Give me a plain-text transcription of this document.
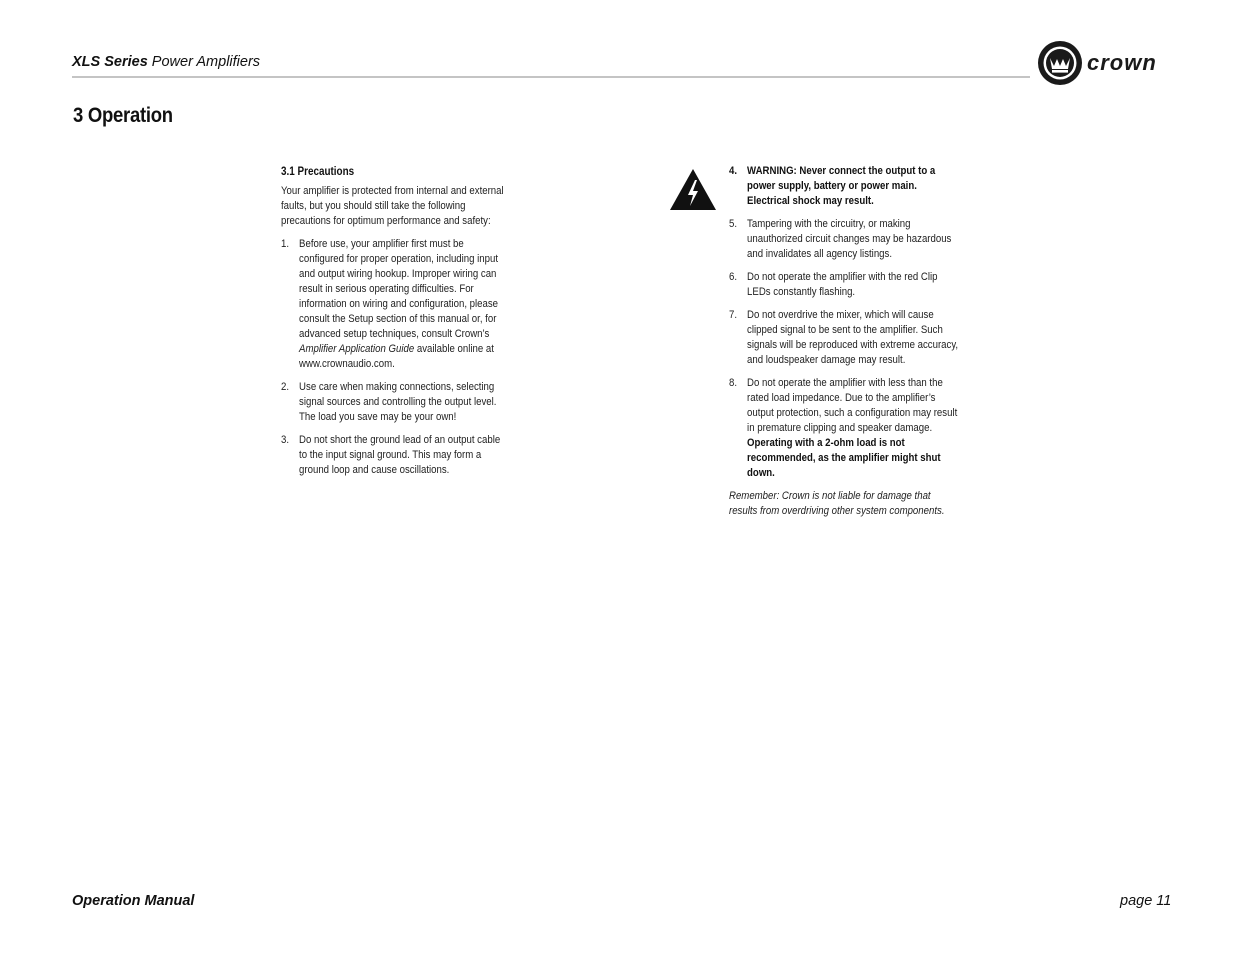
XLS Series Power Amplifiers	crown
3 Operation
3.1 Precautions

Your amplifier is protected from internal and external faults, but you should still take the following precautions for optimum performance and safety:

1. Before use, your amplifier first must be configured for proper operation, including input and output wiring hookup. Improper wiring can result in serious operating difficulties. For information on wiring and configuration, please consult the Setup section of this manual or, for advanced setup techniques, consult Crown’s Amplifier Application Guide available online at www.crownaudio.com.
2. Use care when making connections, selecting signal sources and controlling the output level. The load you save may be your own!
3. Do not short the ground lead of an output cable to the input signal ground. This may form a ground loop and cause oscillations.
4. WARNING: Never connect the output to a power supply, battery or power main. Electrical shock may result.
5. Tampering with the circuitry, or making unauthorized circuit changes may be hazardous and invalidates all agency listings.
6. Do not operate the amplifier with the red Clip LEDs constantly flashing.
7. Do not overdrive the mixer, which will cause clipped signal to be sent to the amplifier. Such signals will be reproduced with extreme accuracy, and loudspeaker damage may result.
8. Do not operate the amplifier with less than the rated load impedance. Due to the amplifier’s output protection, such a configuration may result in premature clipping and speaker damage. Operating with a 2-ohm load is not recommended, as the amplifier might shut down.

Remember: Crown is not liable for damage that results from overdriving other system components.

Operation Manual	page 11
